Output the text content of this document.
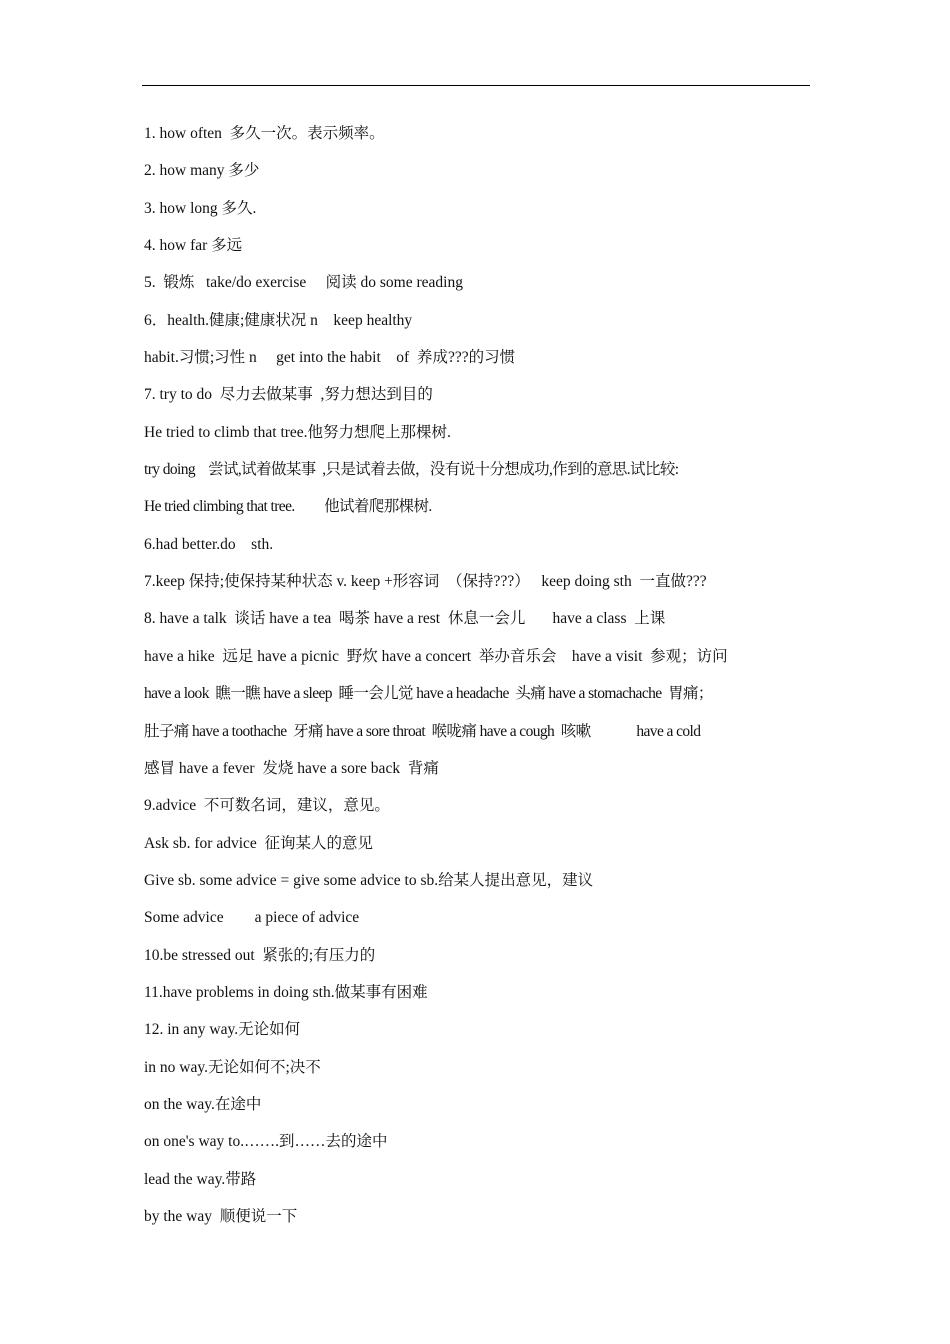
1. how often  多久一次。表示频率。
2. how many 多少
3. how long 多久.
4. how far 多远
5.  锻炼   take/do exercise     阅读 do some reading
6．health.健康;健康状况 n    keep healthy
habit.习惯;习性 n     get into the habit    of  养成???的习惯
7. try to do  尽力去做某事  ,努力想达到目的
He tried to climb that tree.他努力想爬上那棵树.
try doing    尝试,试着做某事  ,只是试着去做，没有说十分想成功,作到的意思.试比较:
He tried climbing that tree.         他试着爬那棵树.
6.had better.do    sth.
7.keep 保持;使保持某种状态 v. keep +形容词  （保持???）   keep doing sth  一直做???
8. have a talk  谈话 have a tea  喝茶 have a rest  休息一会儿       have a class  上课
have a hike  远足 have a picnic  野炊 have a concert  举办音乐会    have a visit  参观；访问
have a look  瞧一瞧 have a sleep  睡一会儿觉 have a headache  头痛 have a stomachache  胃痛；
肚子痛 have a toothache  牙痛 have a sore throat  喉咙痛 have a cough  咳嗽              have a cold
感冒 have a fever  发烧 have a sore back  背痛
9.advice  不可数名词，建议，意见。
Ask sb. for advice  征询某人的意见
Give sb. some advice = give some advice to sb.给某人提出意见，建议
Some advice        a piece of advice
10.be stressed out  紧张的;有压力的
11.have problems in doing sth.做某事有困难
12. in any way.无论如何
in no way.无论如何不;决不
on the way.在途中
on one's way to.…….到……去的途中
lead the way.带路
by the way  顺便说一下
